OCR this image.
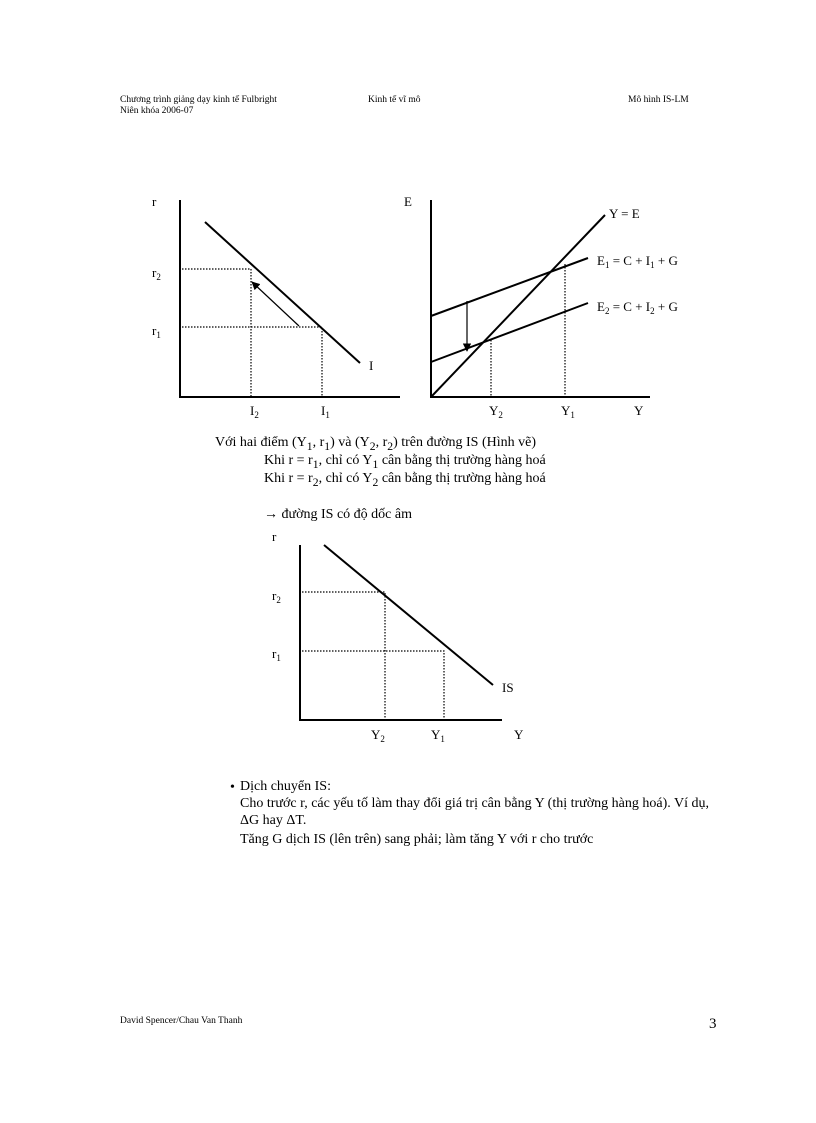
Chương trình giảng dạy kinh tế Fulbright
Niên khóa 2006-07
Kinh tế vĩ mô	Mô hình IS-LM
r
$r_2$
$r_1$
I
$I_2$	$I_1$
E
Y = E
$E_1 = C + I_1 + G$
$E_2 = C + I_2 + G$
$Y_2$	$Y_1$	Y
r
$r_2$
$r_1$
IS
$Y_2$	$Y_1$	Y
Với hai điểm ($Y_1$, $r_1$) và ($Y_2$, $r_2$) trên đường IS (Hình vẽ)
Khi $r = r_1$, chỉ có $Y_1$ cân bằng thị trường hàng hoá
Khi $r = r_2$, chỉ có $Y_2$ cân bằng thị trường hàng hoá
→ đường IS có độ dốc âm
• Dịch chuyển IS:
Cho trước r, các yếu tố làm thay đổi giá trị cân bằng Y (thị trường hàng hoá). Ví dụ, ΔG hay ΔT.
Tăng G dịch IS (lên trên) sang phải; làm tăng Y với r cho trước
David Spencer/Chau Van Thanh	3
